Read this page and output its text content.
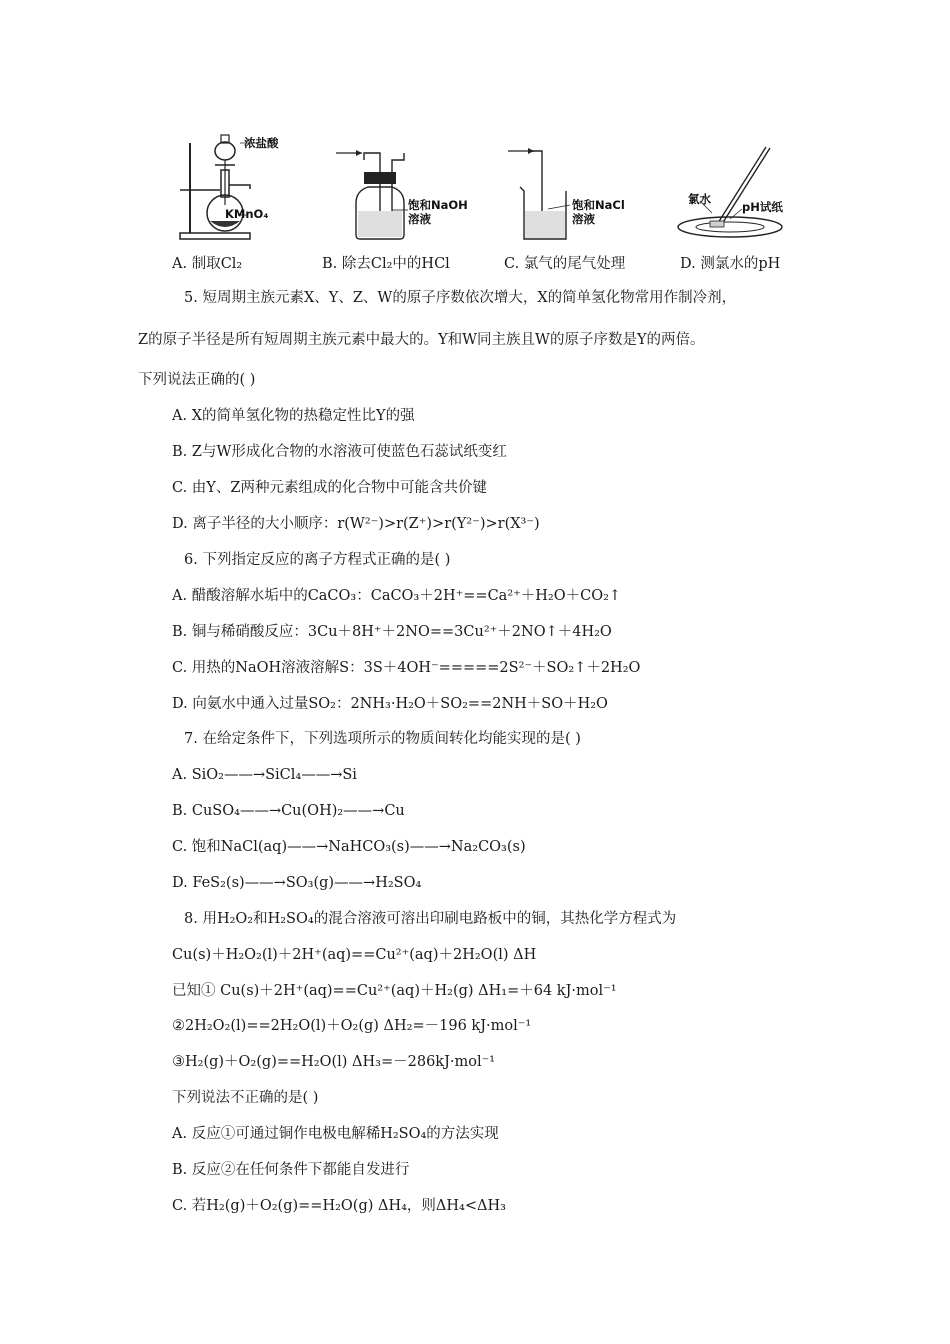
浓盐酸
KMnO₄
饱和NaOH
溶液
饱和NaCl
溶液
氯水
pH试纸
A. 制取Cl₂	B. 除去Cl₂中的HCl	C. 氯气的尾气处理	D. 测氯水的pH
5. 短周期主族元素X、Y、Z、W的原子序数依次增大，X的简单氢化物常用作制冷剂，
Z的原子半径是所有短周期主族元素中最大的。Y和W同主族且W的原子序数是Y的两倍。
下列说法正确的( )
A. X的简单氢化物的热稳定性比Y的强
B. Z与W形成化合物的水溶液可使蓝色石蕊试纸变红
C. 由Y、Z两种元素组成的化合物中可能含共价键
D. 离子半径的大小顺序：r(W²⁻)>r(Z⁺)>r(Y²⁻)>r(X³⁻)
6. 下列指定反应的离子方程式正确的是( )
A. 醋酸溶解水垢中的CaCO₃：CaCO₃＋2H⁺==Ca²⁺＋H₂O＋CO₂↑
B. 铜与稀硝酸反应：3Cu＋8H⁺＋2NO==3Cu²⁺＋2NO↑＋4H₂O
C. 用热的NaOH溶液溶解S：3S＋4OH⁻=====2S²⁻＋SO₂↑＋2H₂O
D. 向氨水中通入过量SO₂：2NH₃·H₂O＋SO₂==2NH＋SO＋H₂O
7. 在给定条件下，下列选项所示的物质间转化均能实现的是( )
A. SiO₂——→SiCl₄——→Si
B. CuSO₄——→Cu(OH)₂——→Cu
C. 饱和NaCl(aq)——→NaHCO₃(s)——→Na₂CO₃(s)
D. FeS₂(s)——→SO₃(g)——→H₂SO₄
8. 用H₂O₂和H₂SO₄的混合溶液可溶出印刷电路板中的铜，其热化学方程式为
Cu(s)＋H₂O₂(l)＋2H⁺(aq)==Cu²⁺(aq)＋2H₂O(l) ΔH
已知① Cu(s)＋2H⁺(aq)==Cu²⁺(aq)＋H₂(g) ΔH₁=＋64 kJ·mol⁻¹
②2H₂O₂(l)==2H₂O(l)＋O₂(g) ΔH₂=－196 kJ·mol⁻¹
③H₂(g)＋O₂(g)==H₂O(l) ΔH₃=－286kJ·mol⁻¹
下列说法不正确的是( )
A. 反应①可通过铜作电极电解稀H₂SO₄的方法实现
B. 反应②在任何条件下都能自发进行
C. 若H₂(g)＋O₂(g)==H₂O(g) ΔH₄，则ΔH₄<ΔH₃
